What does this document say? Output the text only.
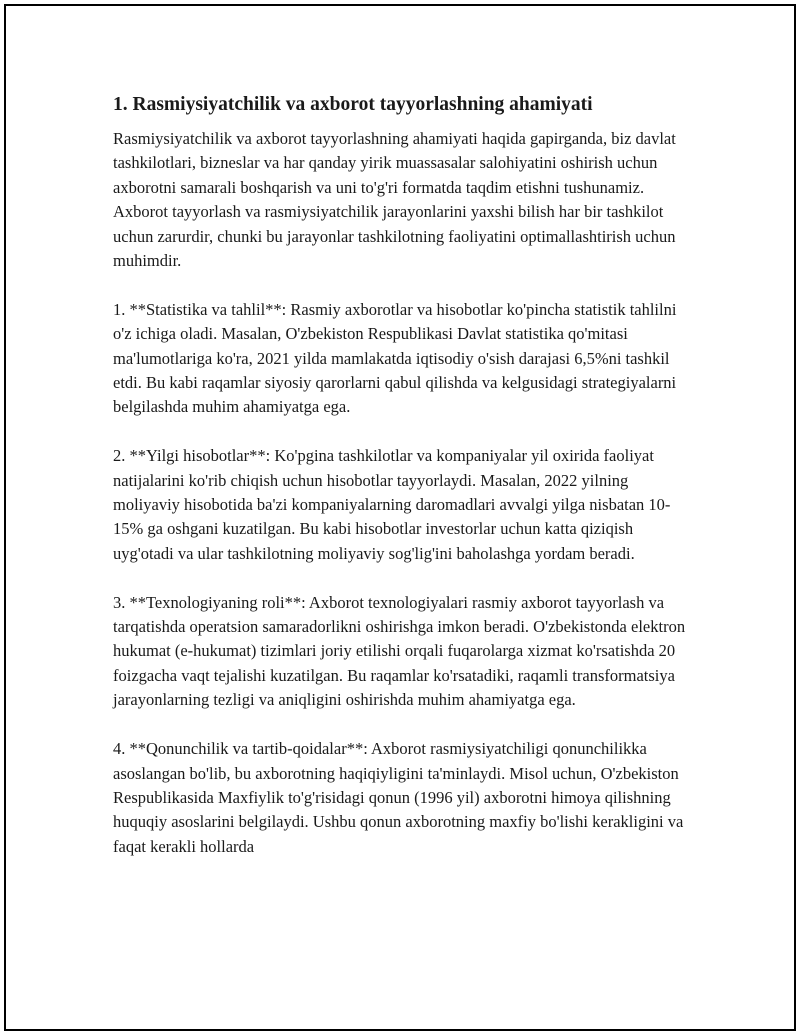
1. Rasmiysiyatchilik va axborot tayyorlashning ahamiyati

Rasmiysiyatchilik va axborot tayyorlashning ahamiyati haqida gapirganda, biz davlat tashkilotlari, bizneslar va har qanday yirik muassasalar salohiyatini oshirish uchun axborotni samarali boshqarish va uni to'g'ri formatda taqdim etishni tushunamiz. Axborot tayyorlash va rasmiysiyatchilik jarayonlarini yaxshi bilish har bir tashkilot uchun zarurdir, chunki bu jarayonlar tashkilotning faoliyatini optimallashtirish uchun muhimdir.

1. **Statistika va tahlil**: Rasmiy axborotlar va hisobotlar ko'pincha statistik tahlilni o'z ichiga oladi. Masalan, O'zbekiston Respublikasi Davlat statistika qo'mitasi ma'lumotlariga ko'ra, 2021 yilda mamlakatda iqtisodiy o'sish darajasi 6,5%ni tashkil etdi. Bu kabi raqamlar siyosiy qarorlarni qabul qilishda va kelgusidagi strategiyalarni belgilashda muhim ahamiyatga ega.

2. **Yilgi hisobotlar**: Ko'pgina tashkilotlar va kompaniyalar yil oxirida faoliyat natijalarini ko'rib chiqish uchun hisobotlar tayyorlaydi. Masalan, 2022 yilning moliyaviy hisobotida ba'zi kompaniyalarning daromadlari avvalgi yilga nisbatan 10-15% ga oshgani kuzatilgan. Bu kabi hisobotlar investorlar uchun katta qiziqish uyg'otadi va ular tashkilotning moliyaviy sog'lig'ini baholashga yordam beradi.

3. **Texnologiyaning roli**: Axborot texnologiyalari rasmiy axborot tayyorlash va tarqatishda operatsion samaradorlikni oshirishga imkon beradi. O'zbekistonda elektron hukumat (e-hukumat) tizimlari joriy etilishi orqali fuqarolarga xizmat ko'rsatishda 20 foizgacha vaqt tejalishi kuzatilgan. Bu raqamlar ko'rsatadiki, raqamli transformatsiya jarayonlarning tezligi va aniqligini oshirishda muhim ahamiyatga ega.

4. **Qonunchilik va tartib-qoidalar**: Axborot rasmiysiyatchiligi qonunchilikka asoslangan bo'lib, bu axborotning haqiqiyligini ta'minlaydi. Misol uchun, O'zbekiston Respublikasida Maxfiylik to'g'risidagi qonun (1996 yil) axborotni himoya qilishning huquqiy asoslarini belgilaydi. Ushbu qonun axborotning maxfiy bo'lishi kerakligini va faqat kerakli hollarda
